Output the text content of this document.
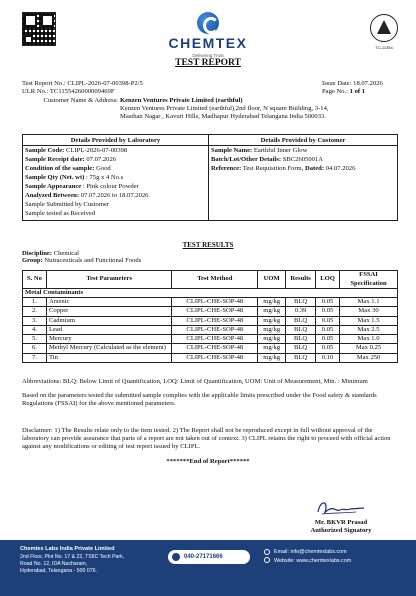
CHEMTEX
Delivering Trust
TC-11354
TEST REPORT
Test Report No.: CLIPL-2026-07-00398-P2/5	Issue Date: 18.07.2026
ULR No.: TC1155426000009469F	Page No.: 1 of 1
Customer Name & Address: Kenzen Ventures Private Limited (earthful)
Kenzen Ventures Private Limited (earthful),2nd floor, N square Building, 3-14,
Masthan Nagar , Kavuri Hills, Madhapur Hyderabad Telangana India 500033.
Details Provided by Laboratory	Details Provided by Customer
Sample Code: CLIPL-2026-07-00398
Sample Receipt date: 07.07.2026
Condition of the sample: Good
Sample Qty (Net. wt) : 75g x 4 No.s
Sample Appearance : Pink colour Powder
Analyzed Between: 07.07.2026 to 18.07.2026
Sample Submitted by Customer
Sample tested as Received
Sample Name: Earthful Inner Glow
Batch/Lot/Other Details: SBC2605001A
Reference: Test Requisition Form, Dated: 04.07.2026
TEST RESULTS
Discipline: Chemical
Group: Nutraceuticals and Functional Foods
S. No	Test Parameters	Test Method	UOM	Results	LOQ	FSSAI Specification
Metal Contaminants						
1.	Arsenic	CLIPL-CHE-SOP-48	mg/kg	BLQ	0.05	Max 1.1
2.	Copper	CLIPL-CHE-SOP-48	mg/kg	0.39	0.05	Max 30
3.	Cadmium	CLIPL-CHE-SOP-48	mg/kg	BLQ	0.05	Max 1.5
4.	Lead	CLIPL-CHE-SOP-48	mg/kg	BLQ	0.05	Max 2.5
5.	Mercury	CLIPL-CHE-SOP-48	mg/kg	BLQ	0.05	Max 1.0
6.	Methyl Mercury (Calculated as the element)	CLIPL-CHE-SOP-48	mg/kg	BLQ	0.05	Max 0.25
7.	Tin	CLIPL-CHE-SOP-48	mg/kg	BLQ	0.10	Max 250
Abbreviations: BLQ: Below Limit of Quantification, LOQ: Limit of Quantification, UOM: Unit of Measurement, Min. : Minimum
Based on the parameters tested the submitted sample complies with the applicable limits prescribed under the Food safety & standards Regulations (FSSAI) for the above mentioned parameters.
Disclaimer: 1) The Results relate only to the item tested. 2) The Report shall not be reproduced except in full without approval of the laboratory can provide assurance that parts of a report are not taken out of context. 3) CLIPL retains the right to proceed with official action against any modifications or editing of test report issued by CLIPL.
*******End of Report******
Mr. BKVR Prasad
Authorized Signatory
Chemtex Labs India Private Limited
2nd Floor, Plot No. 17 & 22, TSIIC Tech Park,
Road No. 12, IDA Nacharam,
Hyderabad, Telangana - 500 076.
040-27171666
Email: info@chemtexlabs.com
Website: www.chemtexlabs.com
